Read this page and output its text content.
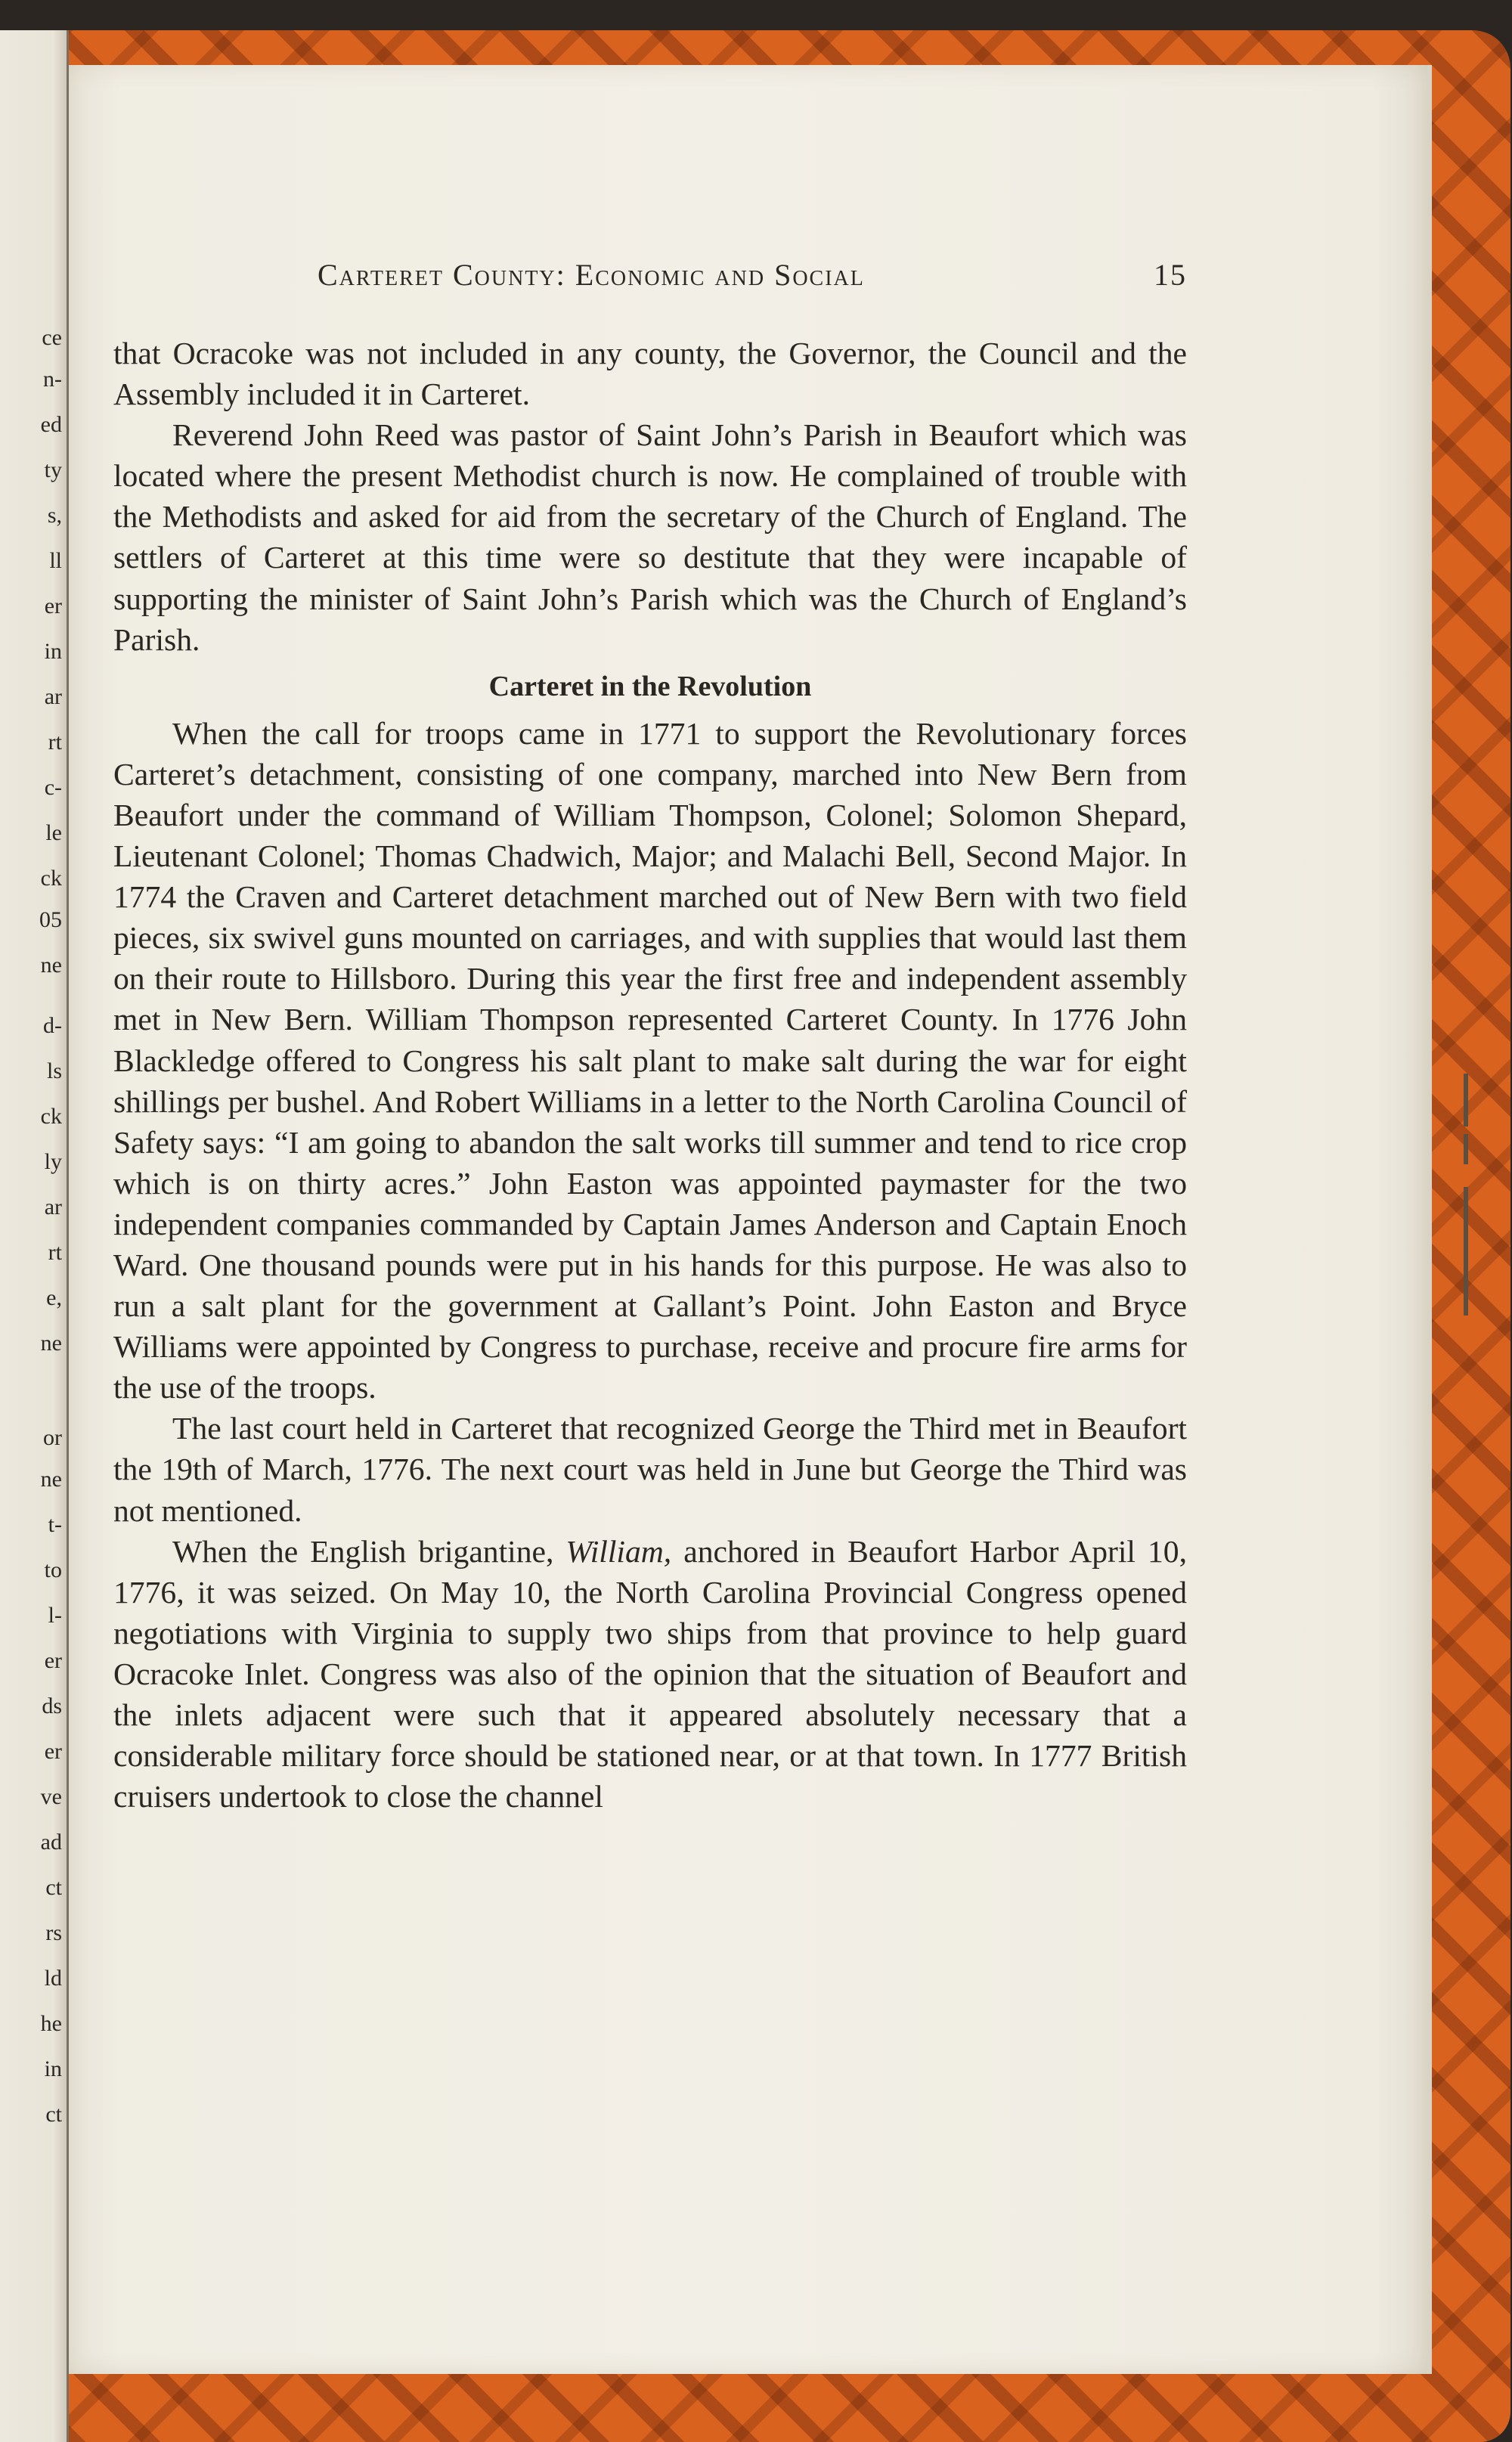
ce
n-
ed
ty
s,
ll
er
in
ar
rt
c-
le
ck
05
ne
d-
ls
ck
ly
ar
rt
e,
ne
or
ne
t-
to
l-
er
ds
er
ve
ad
ct
rs
ld
he
in
ct
Carteret County: Economic and Social	15

that Ocracoke was not included in any county, the Governor, the Council and the Assembly included it in Carteret.

Reverend John Reed was pastor of Saint John’s Parish in Beaufort which was located where the present Methodist church is now. He complained of trouble with the Methodists and asked for aid from the secretary of the Church of England. The settlers of Carteret at this time were so destitute that they were incapable of supporting the minister of Saint John’s Parish which was the Church of England’s Parish.

Carteret in the Revolution

When the call for troops came in 1771 to support the Revolutionary forces Carteret’s detachment, consisting of one company, marched into New Bern from Beaufort under the command of William Thompson, Colonel; Solomon Shepard, Lieutenant Colonel; Thomas Chadwich, Major; and Malachi Bell, Second Major. In 1774 the Craven and Carteret detachment marched out of New Bern with two field pieces, six swivel guns mounted on carriages, and with supplies that would last them on their route to Hillsboro. During this year the first free and independent assembly met in New Bern. William Thompson represented Carteret County. In 1776 John Blackledge offered to Congress his salt plant to make salt during the war for eight shillings per bushel. And Robert Williams in a letter to the North Carolina Council of Safety says: “I am going to abandon the salt works till summer and tend to rice crop which is on thirty acres.” John Easton was appointed paymaster for the two independent companies commanded by Captain James Anderson and Captain Enoch Ward. One thousand pounds were put in his hands for this purpose. He was also to run a salt plant for the government at Gallant’s Point. John Easton and Bryce Williams were appointed by Congress to purchase, receive and procure fire arms for the use of the troops.

The last court held in Carteret that recognized George the Third met in Beaufort the 19th of March, 1776. The next court was held in June but George the Third was not mentioned.

When the English brigantine, William, anchored in Beaufort Harbor April 10, 1776, it was seized. On May 10, the North Carolina Provincial Congress opened negotiations with Virginia to supply two ships from that province to help guard Ocracoke Inlet. Congress was also of the opinion that the situation of Beaufort and the inlets adjacent were such that it appeared absolutely necessary that a considerable military force should be stationed near, or at that town. In 1777 British cruisers undertook to close the channel
